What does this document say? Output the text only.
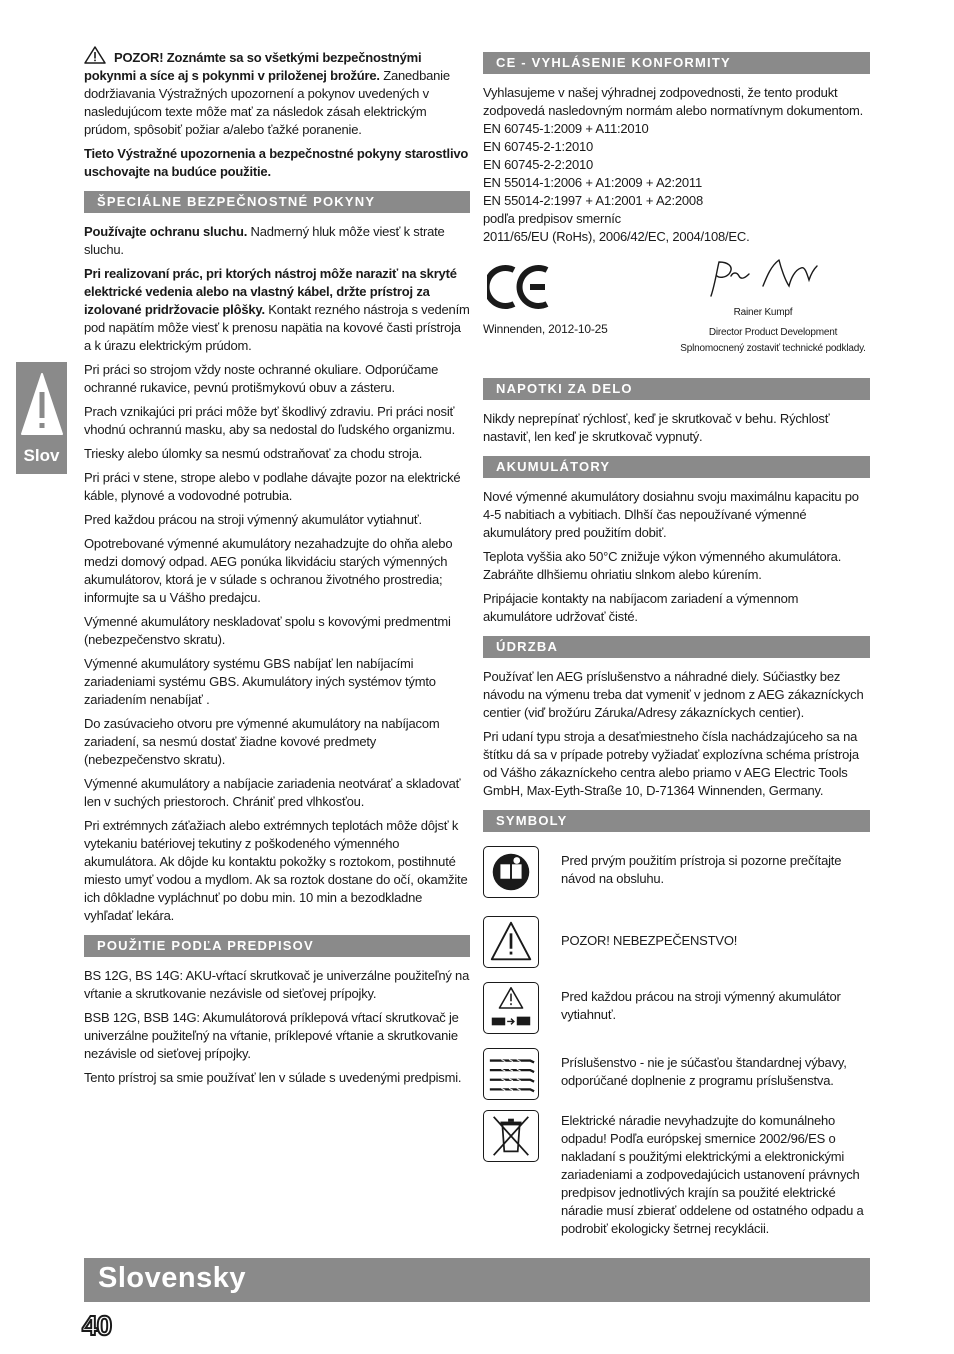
Slov

POZOR! Zoznámte sa so všetkými bezpečnostnými pokynmi a síce aj s pokynmi v priloženej brožúre. Zanedbanie dodržiavania Výstražných upozornení a pokynov uvedených v nasledujúcom texte môže mať za následok zásah elektrickým prúdom, spôsobiť požiar a/alebo ťažké poranenie.

Tieto Výstražné upozornenia a bezpečnostné pokyny starostlivo uschovajte na budúce použitie.

ŠPECIÁLNE BEZPEČNOSTNÉ POKYNY

Používajte ochranu sluchu. Nadmerný hluk môže viesť k strate sluchu.

Pri realizovaní prác, pri ktorých nástroj môže naraziť na skryté elektrické vedenia alebo na vlastný kábel, držte prístroj za izolované pridržovacie plôšky. Kontakt rezného nástroja s vedením pod napätím môže viesť k prenosu napätia na kovové časti prístroja a k úrazu elektrickým prúdom.

Pri práci so strojom vždy noste ochranné okuliare. Odporúčame ochranné rukavice, pevnú protišmykovú obuv a zásteru.

Prach vznikajúci pri práci môže byť škodlivý zdraviu. Pri práci nosiť vhodnú ochrannú masku, aby sa nedostal do ľudského organizmu.

Triesky alebo úlomky sa nesmú odstraňovať za chodu stroja.

Pri práci v stene, strope alebo v podlahe dávajte pozor na elektrické káble, plynové a vodovodné potrubia.

Pred každou prácou na stroji výmenný akumulátor vytiahnuť.

Opotrebované výmenné akumulátory nezahadzujte do ohňa alebo medzi domový odpad. AEG ponúka likvidáciu starých výmenných akumulátorov, ktorá je v súlade s ochranou životného prostredia; informujte sa u Vášho predajcu.

Výmenné akumulátory neskladovať spolu s kovovými predmentmi (nebezpečenstvo skratu).

Výmenné akumulátory systému GBS nabíjať len nabíjacími zariadeniami systému GBS. Akumulátory iných systémov týmto zariadením nenabíjať .

Do zasúvacieho otvoru pre výmenné akumulátory na nabíjacom zariadení, sa nesmú dostať žiadne kovové predmety (nebezpečenstvo skratu).

Výmenné akumulátory a nabíjacie zariadenia neotvárať a skladovať len v suchých priestoroch. Chrániť pred vlhkosťou.

Pri extrémnych záťažiach alebo extrémnych teplotách môže dôjsť k vytekaniu batériovej tekutiny z poškodeného výmenného akumulátora. Ak dôjde ku kontaktu pokožky s roztokom, postihnuté miesto umyť vodou a mydlom. Ak sa roztok dostane do očí, okamžite ich dôkladne vypláchnuť po dobu min. 10 min a bezodkladne vyhľadať lekára.

POUŽITIE PODĽA PREDPISOV

BS 12G, BS 14G: AKU-vŕtací skrutkovač je univerzálne použiteľný na vŕtanie a skrutkovanie nezávisle od sieťovej prípojky.

BSB 12G, BSB 14G: Akumulátorová príklepová vŕtací skrutkovač je univerzálne použiteľný na vŕtanie, príklepové vŕtanie a skrutkovanie nezávisle od sieťovej prípojky.

Tento prístroj sa smie používať len v súlade s uvedenými predpismi.

CE - VYHLÁSENIE KONFORMITY
Vyhlasujeme v našej výhradnej zodpovednosti, že tento produkt zodpovedá nasledovným normám alebo normatívnym dokumentom.
EN 60745-1:2009 + A11:2010
EN 60745-2-1:2010
EN 60745-2-2:2010
EN 55014-1:2006 + A1:2009 + A2:2011
EN 55014-2:1997 + A1:2001 + A2:2008
podľa predpisov smerníc
2011/65/EU (RoHs), 2006/42/EC, 2004/108/EC.
Winnenden, 2012-10-25
Rainer Kumpf
Director Product Development
Splnomocnený zostaviť technické podklady.
NAPOTKI ZA DELO

Nikdy neprepínať rýchlosť, keď je skrutkovač v behu. Rýchlosť nastaviť, len keď je skrutkovač vypnutý.

AKUMULÁTORY

Nové výmenné akumulátory dosiahnu svoju maximálnu kapacitu po 4-5 nabitiach a vybitiach. Dlhší čas nepoužívané výmenné akumulátory pred použitím dobiť.

Teplota vyššia ako 50°C znižuje výkon výmenného akumulátora. Zabráňte dlhšiemu ohriatiu slnkom alebo kúrením.

Pripájacie kontakty na nabíjacom zariadení a výmennom akumulátore udržovať čisté.

ÚDRZBA

Používať len AEG príslušenstvo a náhradné diely. Súčiastky bez návodu na výmenu treba dat vymeniť v jednom z AEG zákazníckych centier (viď brožúru Záruka/Adresy zákazníckych centier).

Pri udaní typu stroja a desaťmiestneho čísla nachádzajúceho sa na štítku dá sa v prípade potreby vyžiadať explozívna schéma prístroja od Vášho zákazníckeho centra alebo priamo v AEG Electric Tools GmbH, Max-Eyth-Straße 10, D-71364 Winnenden, Germany.

SYMBOLY
Pred prvým použitím prístroja si pozorne prečítajte návod na obsluhu.
POZOR! NEBEZPEČENSTVO!
Pred každou prácou na stroji výmenný akumulátor vytiahnuť.
Príslušenstvo - nie je súčasťou štandardnej výbavy, odporúčané doplnenie z programu príslušenstva.
Elektrické náradie nevyhadzujte do komunálneho odpadu! Podľa európskej smernice 2002/96/ES o nakladaní s použitými elektrickými a elektronickými zariadeniami a zodpovedajúcich ustanovení právnych predpisov jednotlivých krajín sa použité elektrické náradie musí zbierať oddelene od ostatného odpadu a podrobiť ekologicky šetrnej recyklácii.
Slovensky
40
